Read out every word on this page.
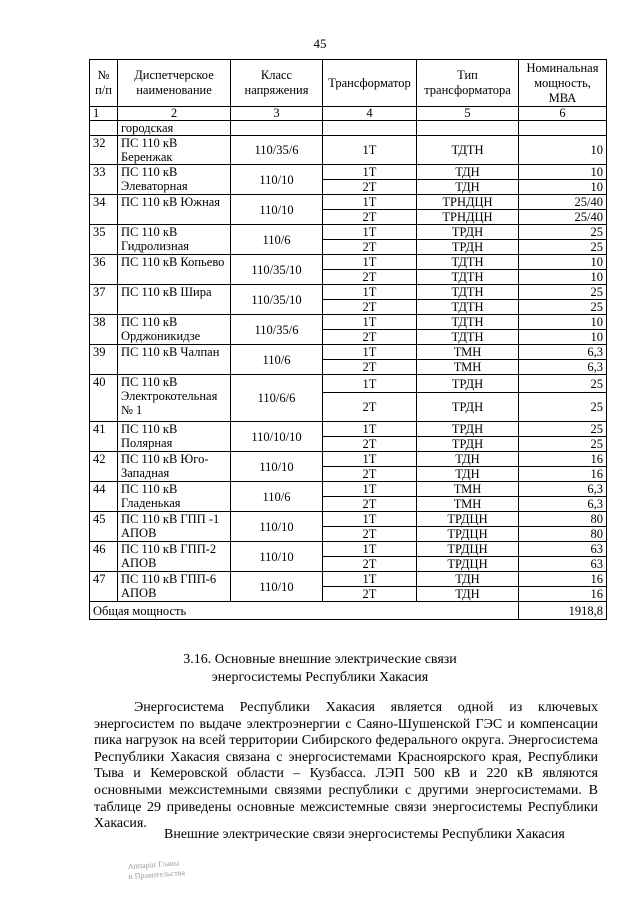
45
№ п/п	Диспетчерское наименование	Класс напряжения	Трансформатор	Тип трансформатора	Номинальная мощность, МВА
1	2	3	4	5	6
	городская				
32	ПС 110 кВ Беренжак	110/35/6	1Т	ТДТН	10
33	ПС 110 кВ Элеваторная	110/10	1Т	ТДН	10
			2Т	ТДН	10
34	ПС 110 кВ Южная	110/10	1Т	ТРНДЦН	25/40
			2Т	ТРНДЦН	25/40
35	ПС 110 кВ Гидролизная	110/6	1Т	ТРДН	25
			2Т	ТРДН	25
36	ПС 110 кВ Копьево	110/35/10	1Т	ТДТН	10
			2Т	ТДТН	10
37	ПС 110 кВ Шира	110/35/10	1Т	ТДТН	25
			2Т	ТДТН	25
38	ПС 110 кВ Орджоникидзе	110/35/6	1Т	ТДТН	10
			2Т	ТДТН	10
39	ПС 110 кВ Чалпан	110/6	1Т	ТМН	6,3
			2Т	ТМН	6,3
40	ПС 110 кВ Электрокотельная № 1	110/6/6	1Т	ТРДН	25
			2Т	ТРДН	25
41	ПС 110 кВ Полярная	110/10/10	1Т	ТРДН	25
			2Т	ТРДН	25
42	ПС 110 кВ Юго-Западная	110/10	1Т	ТДН	16
			2Т	ТДН	16
44	ПС 110 кВ Гладенькая	110/6	1Т	ТМН	6,3
			2Т	ТМН	6,3
45	ПС 110 кВ ГПП -1 АПОВ	110/10	1Т	ТРДЦН	80
			2Т	ТРДЦН	80
46	ПС 110 кВ ГПП-2 АПОВ	110/10	1Т	ТРДЦН	63
			2Т	ТРДЦН	63
47	ПС 110 кВ ГПП-6 АПОВ	110/10	1Т	ТДН	16
			2Т	ТДН	16
Общая мощность					1918,8
3.16. Основные внешние электрические связи
энергосистемы Республики Хакасия

Энергосистема Республики Хакасия является одной из ключевых энергосистем по выдаче электроэнергии с Саяно-Шушенской ГЭС и компенсации пика нагрузок на всей территории Сибирского федерального округа. Энергосистема Республики Хакасия связана с энергосистемами Красноярского края, Республики Тыва и Кемеровской области – Кузбасса. ЛЭП 500 кВ и 220 кВ являются основными межсистемными связями республики с другими энергосистемами. В таблице 29 приведены основные межсистемные связи энергосистемы Республики Хакасия.

Внешние электрические связи энергосистемы Республики Хакасия

Аппарат Главы
и Правительства
